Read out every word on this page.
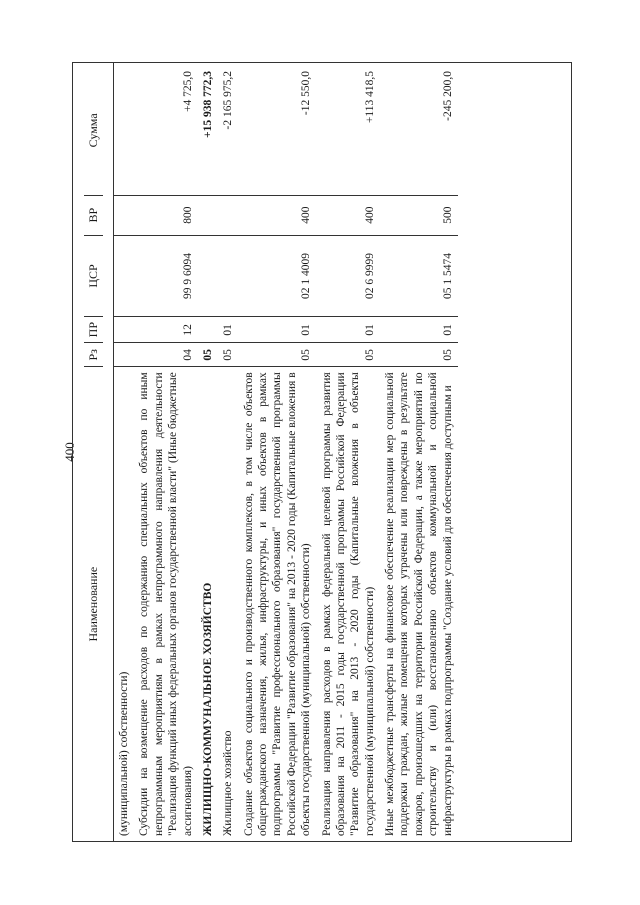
400
Наименование
Рз
ПР
ЦСР
ВР
Сумма
(муниципальной) собственности) Субсидии на возмещение расходов по содержанию специальных объектов по иным непрограммным мероприятиям в рамках непрограммного направления деятельности "Реализация функций иных федеральных органов государственной власти" (Иные бюджетные ассигнования)
04
12
99 9 6094
800
+4 725,0
ЖИЛИЩНО-КОММУНАЛЬНОЕ ХОЗЯЙСТВО
05
+15 938 772,3
Жилищное хозяйство
05
01
-2 165 975,2
Создание объектов социального и производственного комплексов, в том числе объектов общегражданского назначения, жилья, инфраструктуры, и иных объектов в рамках подпрограммы "Развитие профессионального образования" государственной программы Российской Федерации "Развитие образования" на 2013 - 2020 годы (Капитальные вложения в объекты государственной (муниципальной) собственности)
05
01
02 1 4009
400
-12 550,0
Реализация направления расходов в рамках федеральной целевой программы развития образования на 2011 - 2015 годы государственной программы Российской Федерации "Развитие образования" на 2013 - 2020 годы (Капитальные вложения в объекты государственной (муниципальной) собственности)
05
01
02 6 9999
400
+113 418,5
Иные межбюджетные трансферты на финансовое обеспечение реализации мер социальной поддержки граждан, жилые помещения которых утрачены или повреждены в результате пожаров, произошедших на территории Российской Федерации, а также мероприятий по строительству и (или) восстановлению объектов коммунальной и социальной инфраструктуры в рамках подпрограммы "Создание условий для обеспечения доступным и
05
01
05 1 5474
500
-245 200,0
